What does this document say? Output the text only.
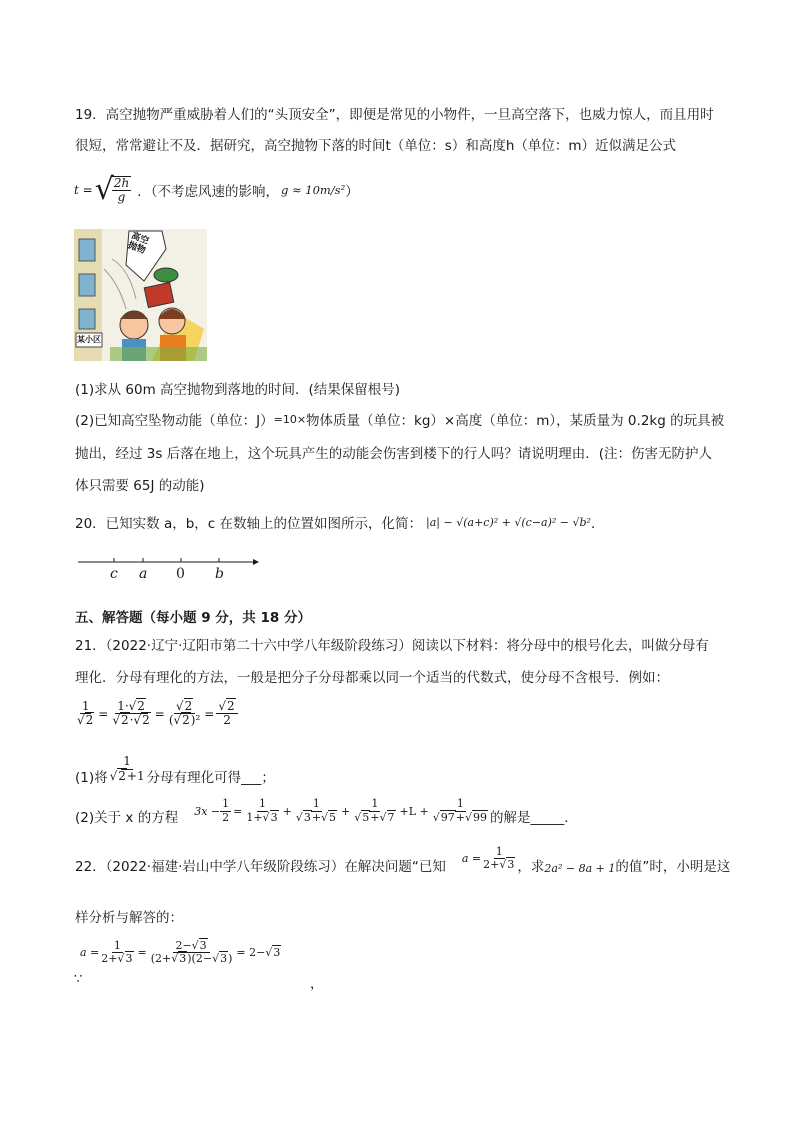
19．高空抛物严重威胁着人们的“头顶安全”，即便是常见的小物件，一旦高空落下，也威力惊人，而且用时
很短，常常避让不及．据研究，高空抛物下落的时间t（单位：s）和高度h（单位：m）近似满足公式
t = √
$\frac{2h}{g}$ ．（不考虑风速的影响， g ≈ 10m/s² ）
高空抛物
某小区
(1)求从 60m 高空抛物到落地的时间．(结果保留根号)
(2)已知高空坠物动能（单位：J）=10×物体质量（单位：kg）×高度（单位：m），某质量为 0.2kg 的玩具被
抛出，经过 3s 后落在地上，这个玩具产生的动能会伤害到楼下的行人吗？请说明理由．(注：伤害无防护人
体只需要 65J 的动能)
20．已知实数 a，b，c 在数轴上的位置如图所示，化简： |a| − √(a+c)² + √(c−a)² − √b² ．
c a 0 b
五、解答题（每小题 9 分，共 18 分）
21．（2022·辽宁·辽阳市第二十六中学八年级阶段练习）阅读以下材料：将分母中的根号化去，叫做分母有
理化．分母有理化的方法，一般是把分子分母都乘以同一个适当的代数式，使分母不含根号．例如：
$\frac{1}{√2} = \frac{1\cdot√2}{√2\cdot√2} = \frac{√2}{\text{(√2)²}} = \frac{√2}{2}$
(1)将 $\frac{1}{√2+1}$ 分母有理化可得___；
(2)关于 x 的方程 $3x - \frac{1}{2} = \frac{1}{1+√3} + \frac{1}{√3+√5} + \frac{1}{√5+√7} +L + \frac{1}{√97+√99}$ 的解是_____．
22．（2022·福建·岩山中学八年级阶段练习）在解决问题“已知
$a = \frac{1}{2+√3}$ ，求 2a² − 8a + 1 的值”时，小明是这
样分析与解答的：
$a = \frac{1}{2+√3} = \frac{2-√3}{(2+√3)(2-√3)} = 2-√3$
∵	，
